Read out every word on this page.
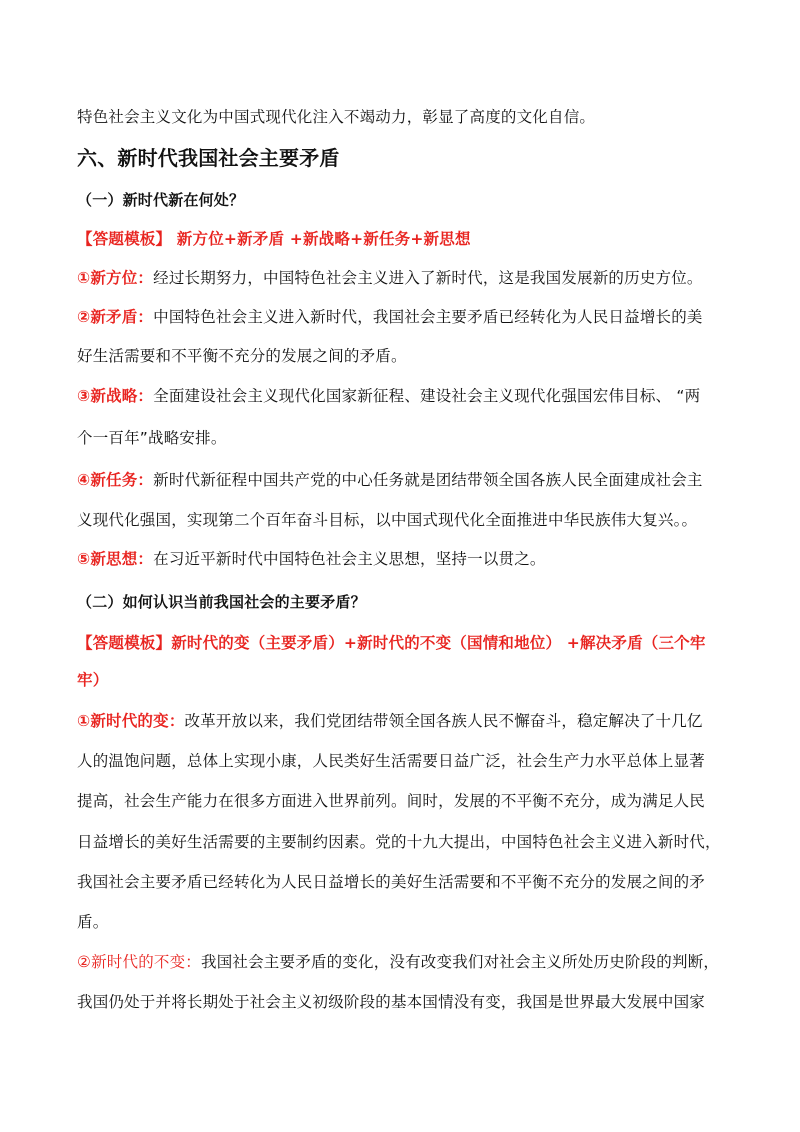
特色社会主义文化为中国式现代化注入不竭动力，彰显了高度的文化自信。
六、新时代我国社会主要矛盾
（一）新时代新在何处？
【答题模板】 新方位+新矛盾 +新战略+新任务+新思想
①新方位：经过长期努力，中国特色社会主义进入了新时代，这是我国发展新的历史方位。
②新矛盾：中国特色社会主义进入新时代，我国社会主要矛盾已经转化为人民日益增长的美
好生活需要和不平衡不充分的发展之间的矛盾。
③新战略：全面建设社会主义现代化国家新征程、建设社会主义现代化强国宏伟目标、 “两
个一百年”战略安排。
④新任务：新时代新征程中国共产党的中心任务就是团结带领全国各族人民全面建成社会主
义现代化强国，实现第二个百年奋斗目标，以中国式现代化全面推进中华民族伟大复兴。。
⑤新思想：在习近平新时代中国特色社会主义思想，坚持一以贯之。
（二）如何认识当前我国社会的主要矛盾？
【答题模板】新时代的变（主要矛盾）+新时代的不变（国情和地位） +解决矛盾（三个牢
牢）
①新时代的变：改革开放以来，我们党团结带领全国各族人民不懈奋斗，稳定解决了十几亿
人的温饱问题，总体上实现小康，人民类好生活需要日益广泛，社会生产力水平总体上显著
提高，社会生产能力在很多方面进入世界前列。间时，发展的不平衡不充分，成为满足人民
日益增长的美好生活需要的主要制约因素。党的十九大提出，中国特色社会主义进入新时代，
我国社会主要矛盾已经转化为人民日益增长的美好生活需要和不平衡不充分的发展之间的矛
盾。
②新时代的不变：我国社会主要矛盾的变化，没有改变我们对社会主义所处历史阶段的判断，
我国仍处于并将长期处于社会主义初级阶段的基本国情没有变，我国是世界最大发展中国家
